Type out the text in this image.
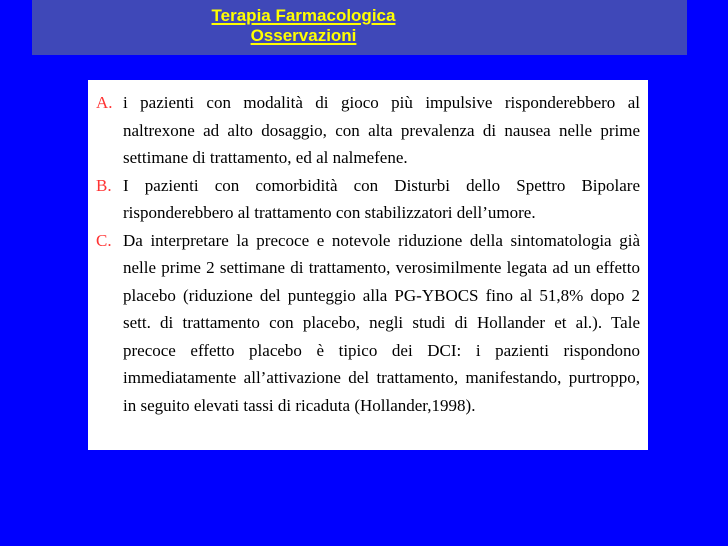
Terapia Farmacologica
Osservazioni
A. i pazienti con modalità di gioco più impulsive risponderebbero al naltrexone ad alto dosaggio, con alta prevalenza di nausea nelle prime settimane di trattamento, ed al nalmefene.
B. I pazienti con comorbidità con Disturbi dello Spettro Bipolare risponderebbero al trattamento con stabilizzatori dell’umore.
C. Da interpretare la precoce e notevole riduzione della sintomatologia già nelle prime 2 settimane di trattamento, verosimilmente legata ad un effetto placebo (riduzione del punteggio alla PG-YBOCS fino al 51,8% dopo 2 sett. di trattamento con placebo, negli studi di Hollander et al.). Tale precoce effetto placebo è tipico dei DCI: i pazienti rispondono immediatamente all’attivazione del trattamento, manifestando, purtroppo, in seguito elevati tassi di ricaduta (Hollander,1998).
